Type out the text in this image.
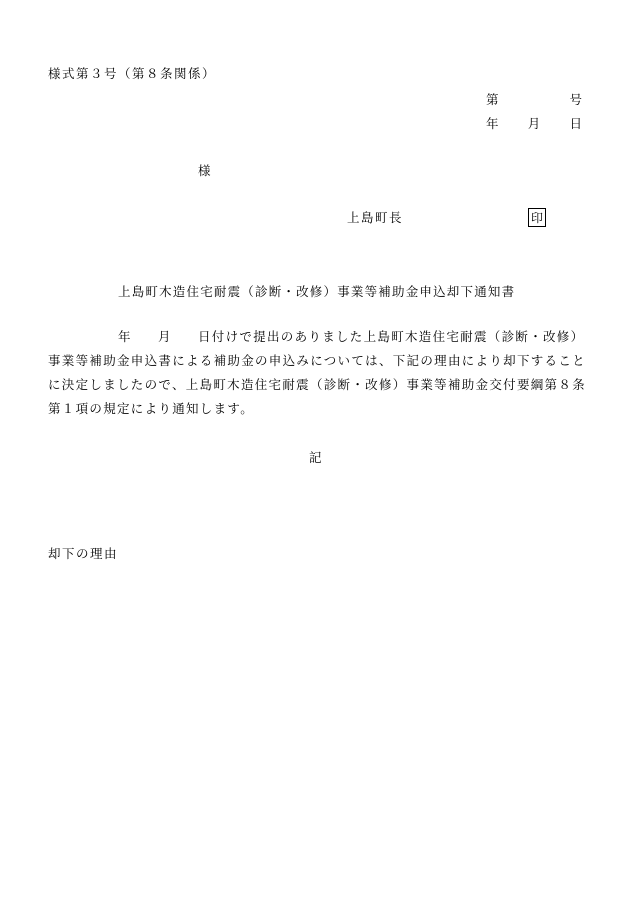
様式第３号（第８条関係）
第	号
年 月 日
様
上島町長	印
上島町木造住宅耐震（診断・改修）事業等補助金申込却下通知書
年 月 日付けで提出のありました上島町木造住宅耐震（診断・改修）
事業等補助金申込書による補助金の申込みについては、下記の理由により却下すること
に決定しましたので、上島町木造住宅耐震（診断・改修）事業等補助金交付要綱第８条
第１項の規定により通知します。
記
却下の理由
